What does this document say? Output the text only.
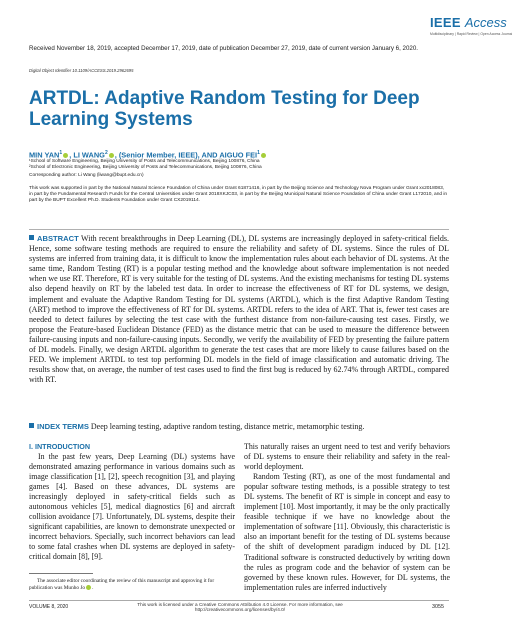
IEEE Access
Multidisciplinary | Rapid Review | Open Access Journal
Received November 18, 2019, accepted December 17, 2019, date of publication December 27, 2019, date of current version January 6, 2020.
Digital Object Identifier 10.1109/ACCESS.2019.2962695
ARTDL: Adaptive Random Testing for Deep Learning Systems
MIN YAN$^1$ , LI WANG$^2$ , (Senior Member, IEEE), AND AIGUO FEI$^1$
¹School of Software Engineering, Beijing University of Posts and Telecommunications, Beijing 100876, China
²School of Electronic Engineering, Beijing University of Posts and Telecommunications, Beijing 100876, China
Corresponding author: Li Wang (liwang@bupt.edu.cn)
This work was supported in part by the National Natural Science Foundation of China under Grant 61871416, in part by the Beijing Science and Technology Nova Program under Grant xx2018083, in part by the Fundamental Research Funds for the Central Universities under Grant 2018XKJC03, in part by the Beijing Municipal Natural Science Foundation of China under Grant L172010, and in part by the BUPT Excellent Ph.D. Students Foundation under Grant CX2019114.
ABSTRACT With recent breakthroughs in Deep Learning (DL), DL systems are increasingly deployed in safety-critical fields. Hence, some software testing methods are required to ensure the reliability and safety of DL systems. Since the rules of DL systems are inferred from training data, it is difficult to know the implementation rules about each behavior of DL systems. At the same time, Random Testing (RT) is a popular testing method and the knowledge about software implementation is not needed when we use RT. Therefore, RT is very suitable for the testing of DL systems. And the existing mechanisms for testing DL systems also depend heavily on RT by the labeled test data. In order to increase the effectiveness of RT for DL systems, we design, implement and evaluate the Adaptive Random Testing for DL systems (ARTDL), which is the first Adaptive Random Testing (ART) method to improve the effectiveness of RT for DL systems. ARTDL refers to the idea of ART. That is, fewer test cases are needed to detect failures by selecting the test case with the furthest distance from non-failure-causing test cases. Firstly, we propose the Feature-based Euclidean Distance (FED) as the distance metric that can be used to measure the difference between failure-causing inputs and non-failure-causing inputs. Secondly, we verify the availability of FED by presenting the failure pattern of DL models. Finally, we design ARTDL algorithm to generate the test cases that are more likely to cause failures based on the FED. We implement ARTDL to test top performing DL models in the field of image classification and automatic driving. The results show that, on average, the number of test cases used to find the first bug is reduced by 62.74% through ARTDL, compared with RT.
INDEX TERMS Deep learning testing, adaptive random testing, distance metric, metamorphic testing.
I. INTRODUCTION

In the past few years, Deep Learning (DL) systems have demonstrated amazing performance in various domains such as image classification [1], [2], speech recognition [3], and playing games [4]. Based on these advances, DL systems are increasingly deployed in safety-critical fields such as autonomous vehicles [5], medical diagnostics [6] and aircraft collision avoidance [7]. Unfortunately, DL systems, despite their significant capabilities, are known to demonstrate unexpected or incorrect behaviors. Specially, such incorrect behaviors can lead to some fatal crashes when DL systems are deployed in safety-critical domain [8], [9].

This naturally raises an urgent need to test and verify behaviors of DL systems to ensure their reliability and safety in the real-world deployment.

Random Testing (RT), as one of the most fundamental and popular software testing methods, is a possible strategy to test DL systems. The benefit of RT is simple in concept and easy to implement [10]. Most importantly, it may be the only practically feasible technique if we have no knowledge about the implementation of software [11]. Obviously, this characteristic is also an important benefit for the testing of DL systems because of the shift of development paradigm induced by DL [12]. Traditional software is constructed deductively by writing down the rules as program code and the behavior of system can be governed by these known rules. However, for DL systems, the implementation rules are inferred inductively

The associate editor coordinating the review of this manuscript and approving it for publication was Munho Jo .
VOLUME 8, 2020	This work is licensed under a Creative Commons Attribution 4.0 License. For more information, see http://creativecommons.org/licenses/by/4.0/	3055
